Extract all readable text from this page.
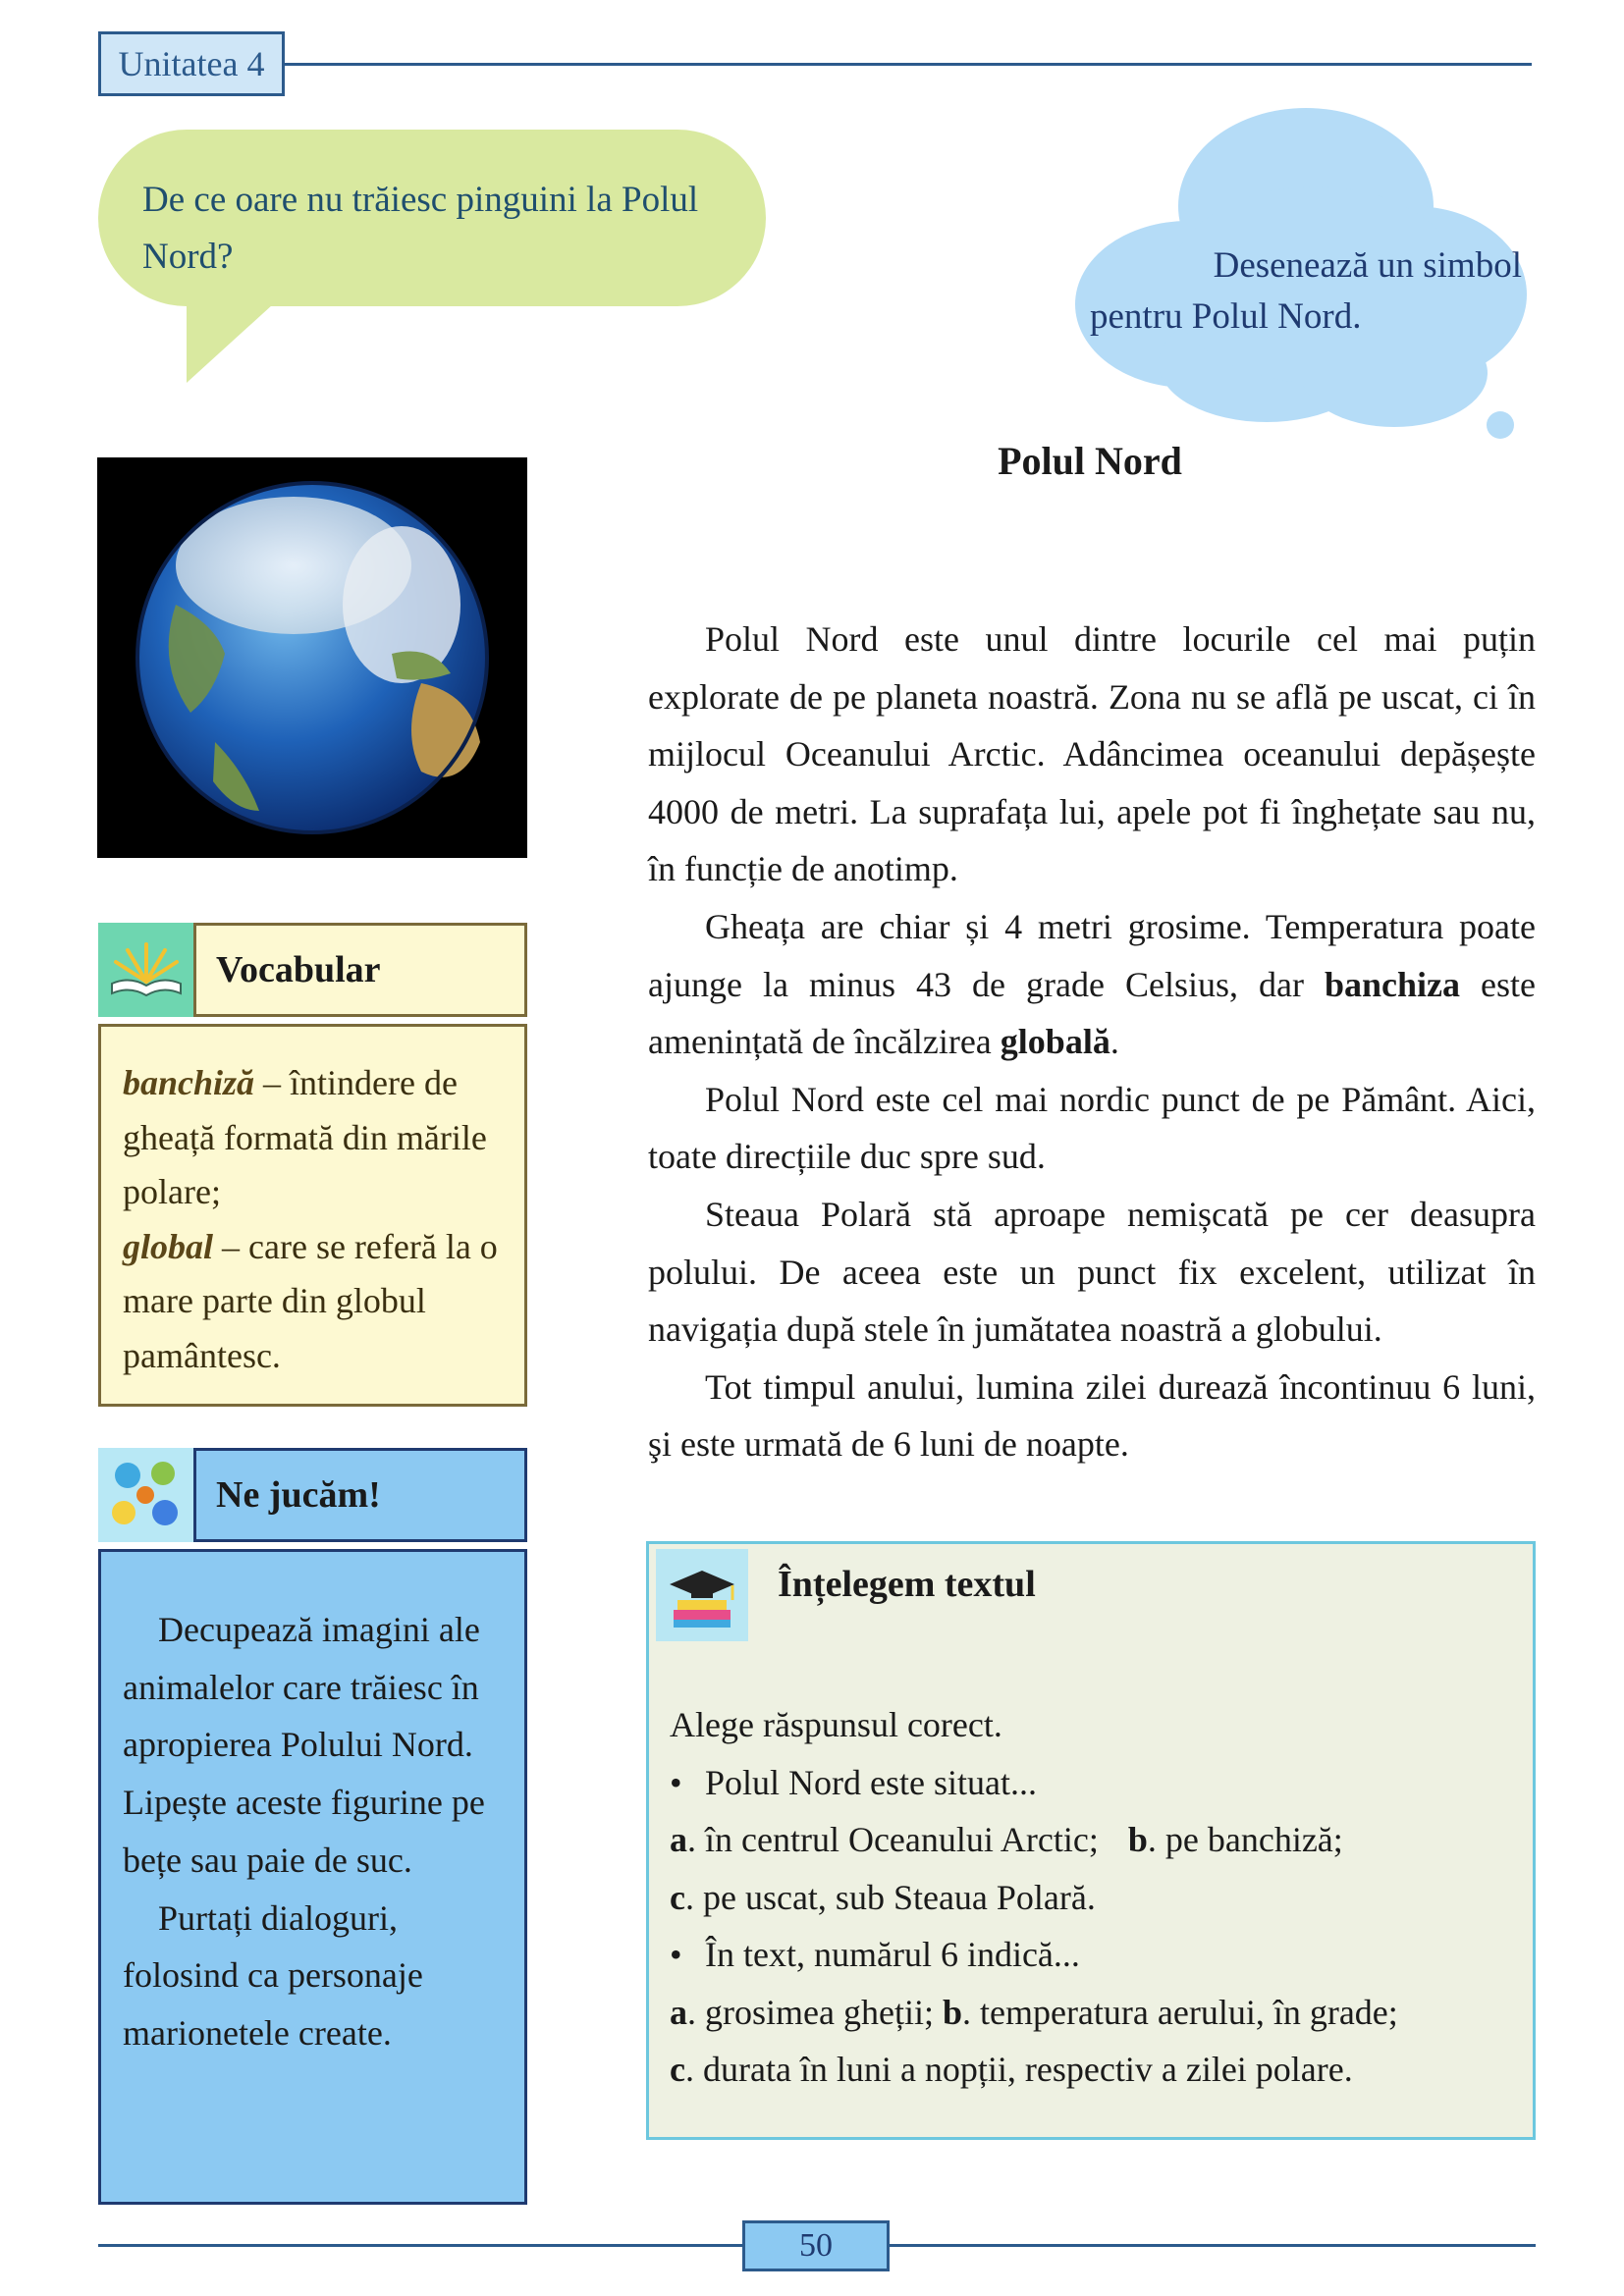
Unitatea 4
De ce oare nu trăiesc pinguini la Polul Nord?	Desenează un simbol
pentru Polul Nord.
Polul Nord

Polul Nord este unul dintre locurile cel mai puțin explorate de pe planeta noastră. Zona nu se află pe uscat, ci în mijlocul Oceanului Arctic. Adâncimea oceanului depășește 4000 de metri. La suprafața lui, apele pot fi înghețate sau nu, în funcție de anotimp.

Gheața are chiar și 4 metri grosime. Temperatura poate ajunge la minus 43 de grade Celsius, dar banchiza este amenințată de încălzirea globală.

Polul Nord este cel mai nordic punct de pe Pământ. Aici, toate direcțiile duc spre sud.

Steaua Polară stă aproape nemișcată pe cer deasupra polului. De aceea este un punct fix excelent, utilizat în navigația după stele în jumătatea noastră a globului.

Tot timpul anului, lumina zilei durează încontinuu 6 luni, şi este urmată de 6 luni de noapte.

Vocabular
banchiză – întindere de gheață formată din mările polare;
global – care se referă la o mare parte din globul pamântesc.
Ne jucăm!

Decupează imagini ale animalelor care trăiesc în apropierea Polului Nord. Lipește aceste figurine pe bețe sau paie de suc.

Purtați dialoguri, folosind ca personaje marionetele create.

Înțelegem textul
Alege răspunsul corect.
• Polul Nord este situat...
a. în centrul Oceanului Arctic; b. pe banchiză;
c. pe uscat, sub Steaua Polară.
• În text, numărul 6 indică...
a. grosimea gheții; b. temperatura aerului, în grade;
c. durata în luni a nopții, respectiv a zilei polare.
50
